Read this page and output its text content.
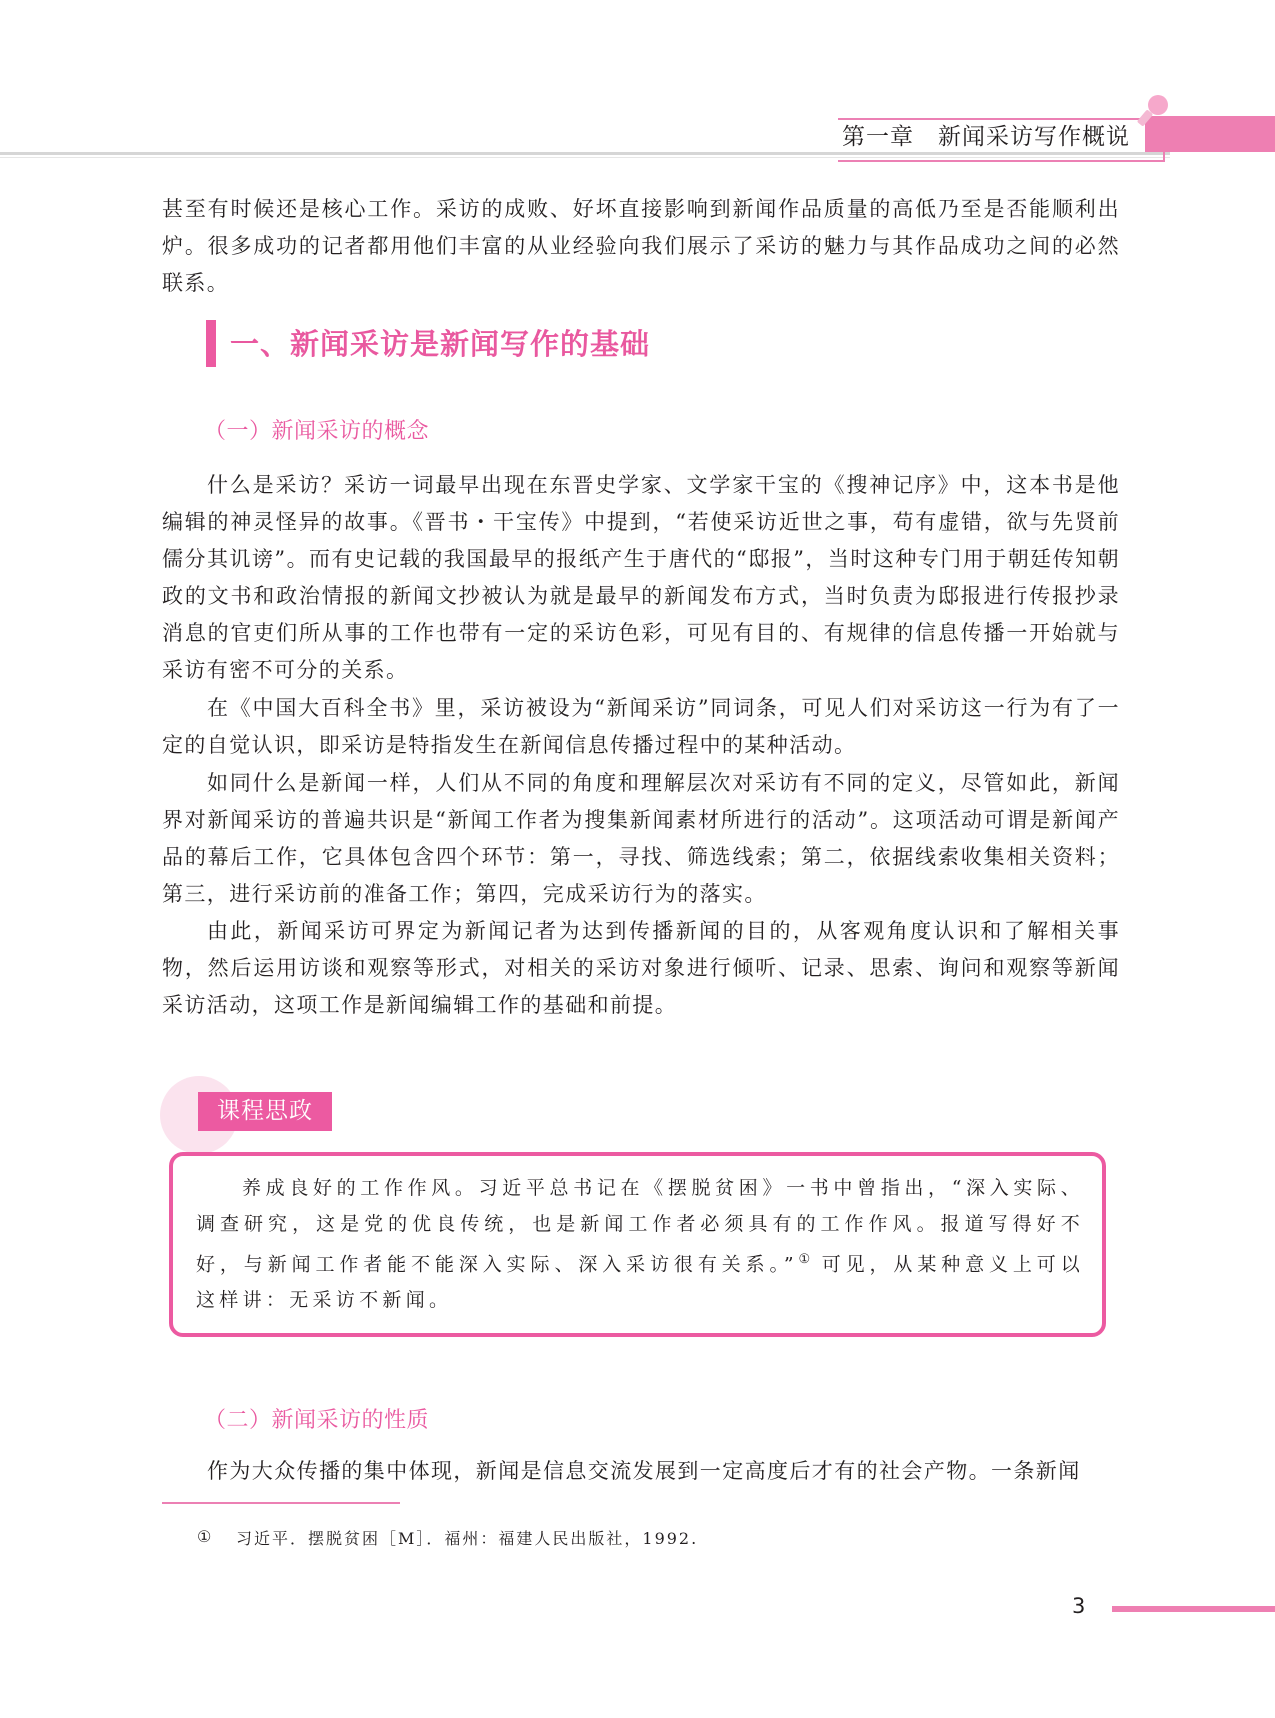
第一章　新闻采访写作概说

甚至有时候还是核心工作。采访的成败、好坏直接影响到新闻作品质量的高低乃至是否能顺利出炉。很多成功的记者都用他们丰富的从业经验向我们展示了采访的魅力与其作品成功之间的必然联系。

一、新闻采访是新闻写作的基础
（一）新闻采访的概念

什么是采访？采访一词最早出现在东晋史学家、文学家干宝的《搜神记序》中，这本书是他编辑的神灵怪异的故事。《晋书・干宝传》中提到，“若使采访近世之事，苟有虚错，欲与先贤前儒分其讥谤”。而有史记载的我国最早的报纸产生于唐代的“邸报”，当时这种专门用于朝廷传知朝政的文书和政治情报的新闻文抄被认为就是最早的新闻发布方式，当时负责为邸报进行传报抄录消息的官吏们所从事的工作也带有一定的采访色彩，可见有目的、有规律的信息传播一开始就与采访有密不可分的关系。

在《中国大百科全书》里，采访被设为“新闻采访”同词条，可见人们对采访这一行为有了一定的自觉认识，即采访是特指发生在新闻信息传播过程中的某种活动。

如同什么是新闻一样，人们从不同的角度和理解层次对采访有不同的定义，尽管如此，新闻界对新闻采访的普遍共识是“新闻工作者为搜集新闻素材所进行的活动”。这项活动可谓是新闻产品的幕后工作，它具体包含四个环节：第一，寻找、筛选线索；第二，依据线索收集相关资料；第三，进行采访前的准备工作；第四，完成采访行为的落实。

由此，新闻采访可界定为新闻记者为达到传播新闻的目的，从客观角度认识和了解相关事物，然后运用访谈和观察等形式，对相关的采访对象进行倾听、记录、思索、询问和观察等新闻采访活动，这项工作是新闻编辑工作的基础和前提。

课程思政

养成良好的工作作风。习近平总书记在《摆脱贫困》一书中曾指出，“深入实际、调查研究，这是党的优良传统，也是新闻工作者必须具有的工作作风。报道写得好不好，与新闻工作者能不能深入实际、深入采访很有关系。”① 可见，从某种意义上可以这样讲：无采访不新闻。

（二）新闻采访的性质

作为大众传播的集中体现，新闻是信息交流发展到一定高度后才有的社会产物。一条新闻

① 习近平．摆脱贫困［M］．福州：福建人民出版社，1992.
3
